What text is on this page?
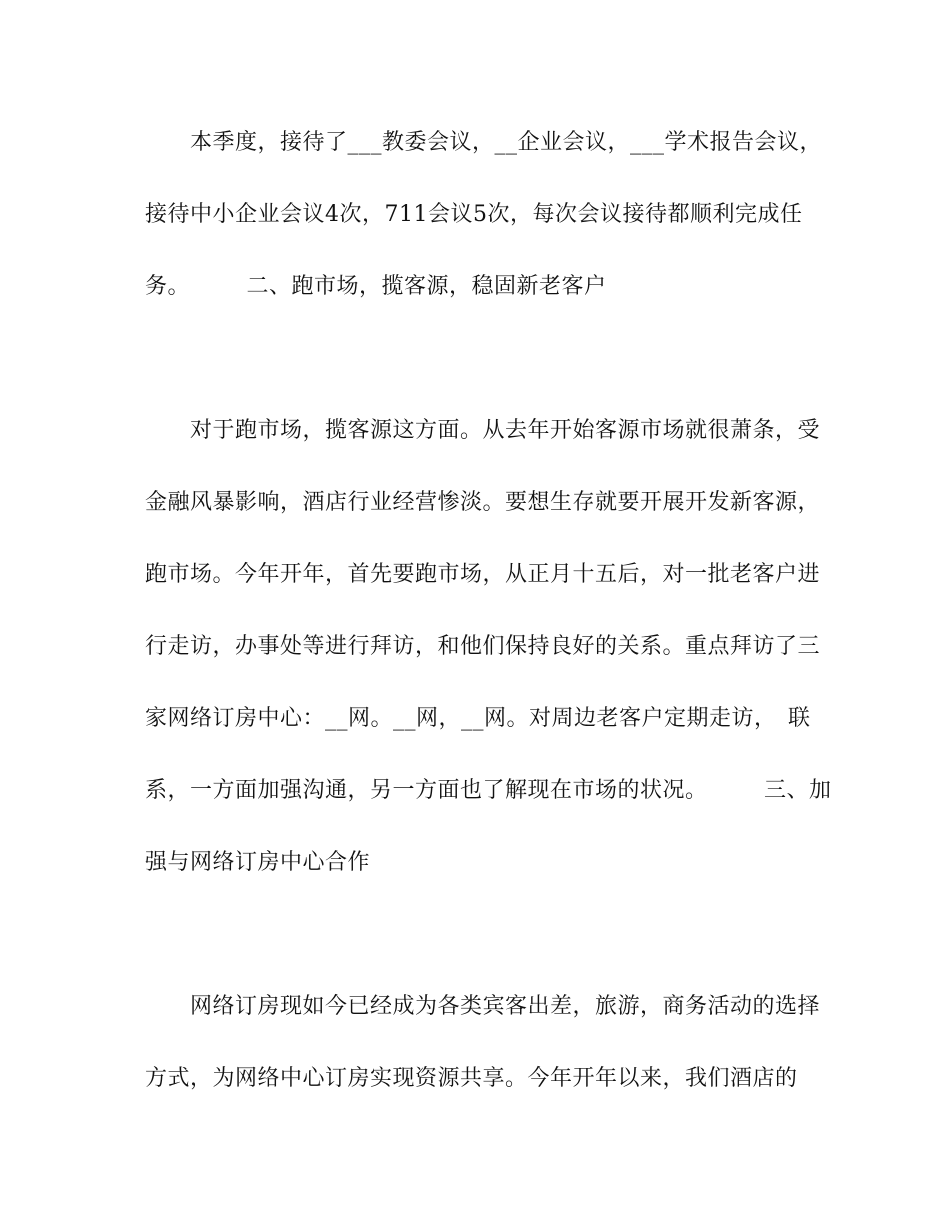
　　本季度，接待了___教委会议，__企业会议，___学术报告会议，
接待中小企业会议4次，711会议5次，每次会议接待都顺利完成任
务。　　　二、跑市场，揽客源，稳固新老客户
　　对于跑市场，揽客源这方面。从去年开始客源市场就很萧条，受
金融风暴影响，酒店行业经营惨淡。要想生存就要开展开发新客源，
跑市场。今年开年，首先要跑市场，从正月十五后，对一批老客户进
行走访，办事处等进行拜访，和他们保持良好的关系。重点拜访了三
家网络订房中心：__网。__网，__网。对周边老客户定期走访，　联
系，一方面加强沟通，另一方面也了解现在市场的状况。　　　三、加
强与网络订房中心合作
　　网络订房现如今已经成为各类宾客出差，旅游，商务活动的选择
方式，为网络中心订房实现资源共享。今年开年以来，我们酒店的
